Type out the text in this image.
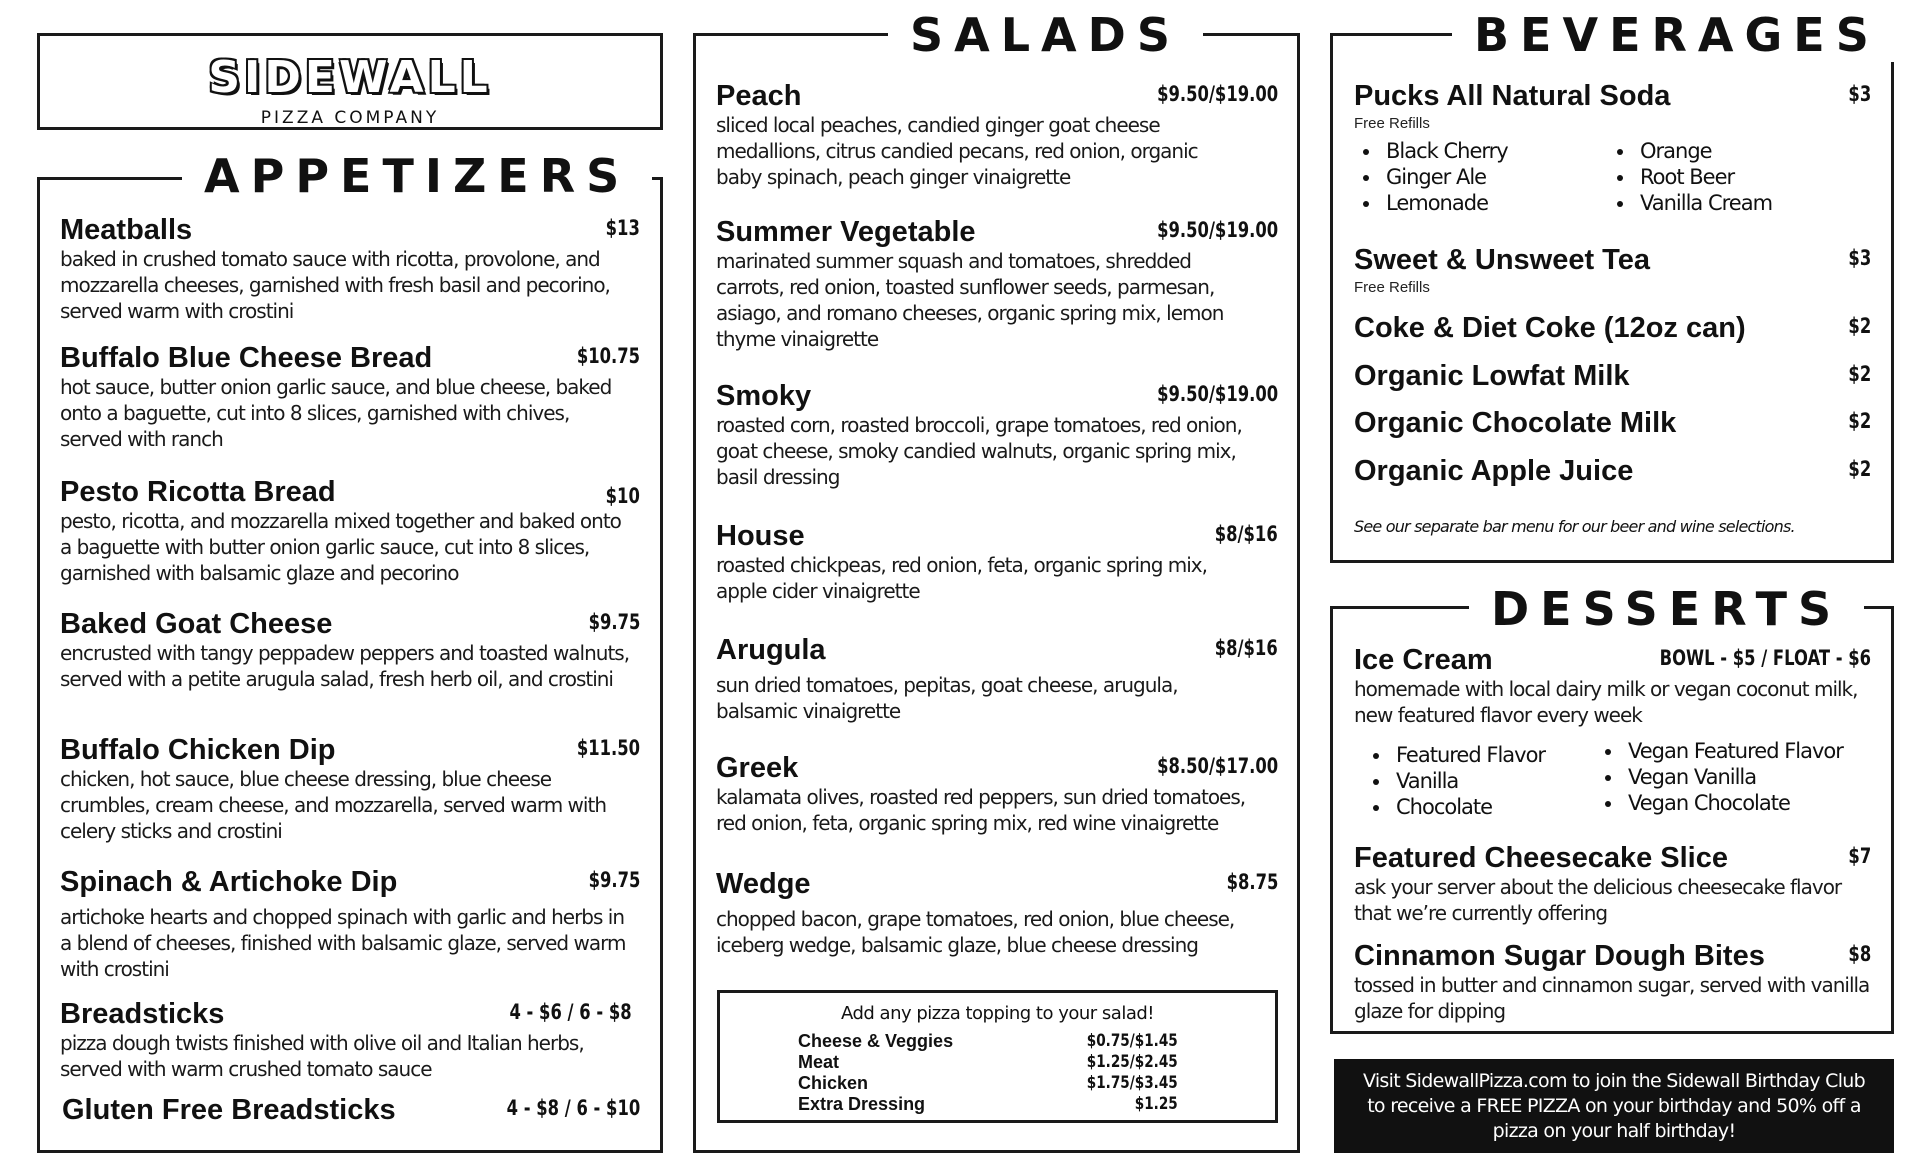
SIDEWALL
PIZZA COMPANY
APPETIZERS
Meatballs	$13
baked in crushed tomato sauce with ricotta, provolone, and mozzarella cheeses, garnished with fresh basil and pecorino, served warm with crostini
Buffalo Blue Cheese Bread	$10.75
hot sauce, butter onion garlic sauce, and blue cheese, baked onto a baguette, cut into 8 slices, garnished with chives, served with ranch
Pesto Ricotta Bread	$10
pesto, ricotta, and mozzarella mixed together and baked onto a baguette with butter onion garlic sauce, cut into 8 slices, garnished with balsamic glaze and pecorino
Baked Goat Cheese	$9.75
encrusted with tangy peppadew peppers and toasted walnuts, served with a petite arugula salad, fresh herb oil, and crostini
Buffalo Chicken Dip	$11.50
chicken, hot sauce, blue cheese dressing, blue cheese crumbles, cream cheese, and mozzarella, served warm with celery sticks and crostini
Spinach & Artichoke Dip	$9.75
artichoke hearts and chopped spinach with garlic and herbs in a blend of cheeses, finished with balsamic glaze, served warm with crostini
Breadsticks	4 - $6 / 6 - $8
pizza dough twists finished with olive oil and Italian herbs, served with warm crushed tomato sauce
Gluten Free Breadsticks	4 - $8 / 6 - $10
SALADS
Peach	$9.50/$19.00
sliced local peaches, candied ginger goat cheese medallions, citrus candied pecans, red onion, organic baby spinach, peach ginger vinaigrette
Summer Vegetable	$9.50/$19.00
marinated summer squash and tomatoes, shredded carrots, red onion, toasted sunflower seeds, parmesan, asiago, and romano cheeses, organic spring mix, lemon thyme vinaigrette
Smoky	$9.50/$19.00
roasted corn, roasted broccoli, grape tomatoes, red onion, goat cheese, smoky candied walnuts, organic spring mix, basil dressing
House	$8/$16
roasted chickpeas, red onion, feta, organic spring mix, apple cider vinaigrette
Arugula	$8/$16
sun dried tomatoes, pepitas, goat cheese, arugula, balsamic vinaigrette
Greek	$8.50/$17.00
kalamata olives, roasted red peppers, sun dried tomatoes, red onion, feta, organic spring mix, red wine vinaigrette
Wedge	$8.75
chopped bacon, grape tomatoes, red onion, blue cheese, iceberg wedge, balsamic glaze, blue cheese dressing
Add any pizza topping to your salad!
Cheese & Veggies	$0.75/$1.45
Meat	$1.25/$2.45
Chicken	$1.75/$3.45
Extra Dressing	$1.25
BEVERAGES
Pucks All Natural Soda	$3
Free Refills
• Black Cherry
• Ginger Ale
• Lemonade
• Orange
• Root Beer
• Vanilla Cream
Sweet & Unsweet Tea	$3
Free Refills
Coke & Diet Coke (12oz can)	$2
Organic Lowfat Milk	$2
Organic Chocolate Milk	$2
Organic Apple Juice	$2
See our separate bar menu for our beer and wine selections.
DESSERTS
Ice Cream	BOWL - $5 / FLOAT - $6
homemade with local dairy milk or vegan coconut milk, new featured flavor every week
• Featured Flavor
• Vanilla
• Chocolate
• Vegan Featured Flavor
• Vegan Vanilla
• Vegan Chocolate
Featured Cheesecake Slice	$7
ask your server about the delicious cheesecake flavor that we’re currently offering
Cinnamon Sugar Dough Bites	$8
tossed in butter and cinnamon sugar, served with vanilla glaze for dipping
Visit SidewallPizza.com to join the Sidewall Birthday Club to receive a FREE PIZZA on your birthday and 50% off a pizza on your half birthday!
